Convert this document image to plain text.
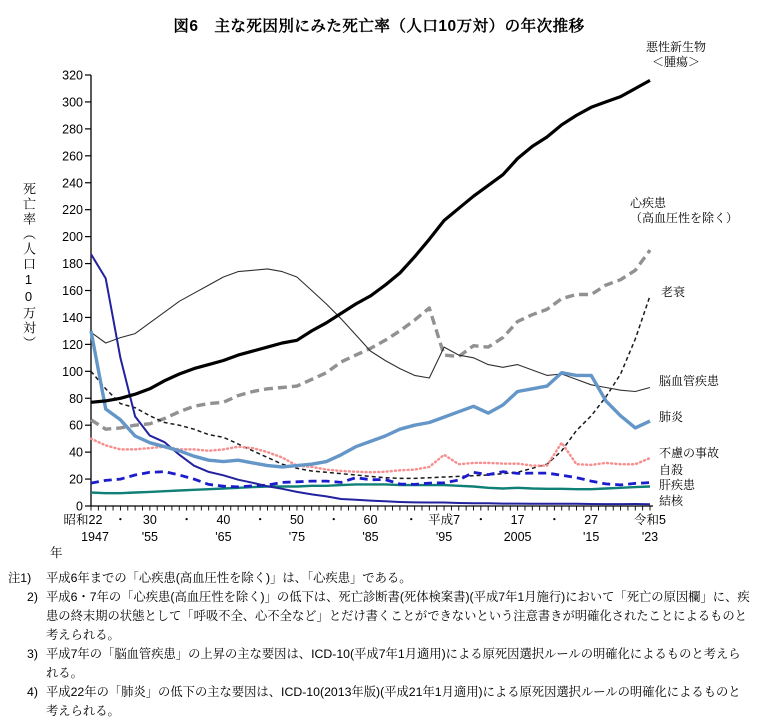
図6　主な死因別にみた死亡率（人口10万対）の年次推移
0
20
40
60
80
100
120
140
160
180
200
220
240
260
280
300
320
昭和22 ・ 30 ・ 40 ・ 50 ・ 60 ・ 平成7 ・ 17 ・ 27	令和5
1947	'55	'65	'75	'85	'95	2005	'15	'23
死亡率（人口10万対）
年
心疾患
（高血圧性を除く）
老衰
脳血管疾患
肝疾患
自殺
不慮の事故
結核
肺炎
悪性新生物
＜腫瘍＞
注1)	平成6年までの「心疾患(高血圧性を除く)」は、「心疾患」である。
2) 平成6・7年の「心疾患(高血圧性を除く)」の低下は、死亡診断書(死体検案書)(平成7年1月施行)において「死亡の原因欄」に、疾患の終末期の状態として「呼吸不全、心不全など」とだけ書くことができないという注意書きが明確化されたことによるものと考えられる。
3) 平成7年の「脳血管疾患」の上昇の主な要因は、ICD-10(平成7年1月適用)による原死因選択ルールの明確化によるものと考えられる。
4) 平成22年の「肺炎」の低下の主な要因は、ICD-10(2013年版)(平成21年1月適用)による原死因選択ルールの明確化によるものと考えられる。
